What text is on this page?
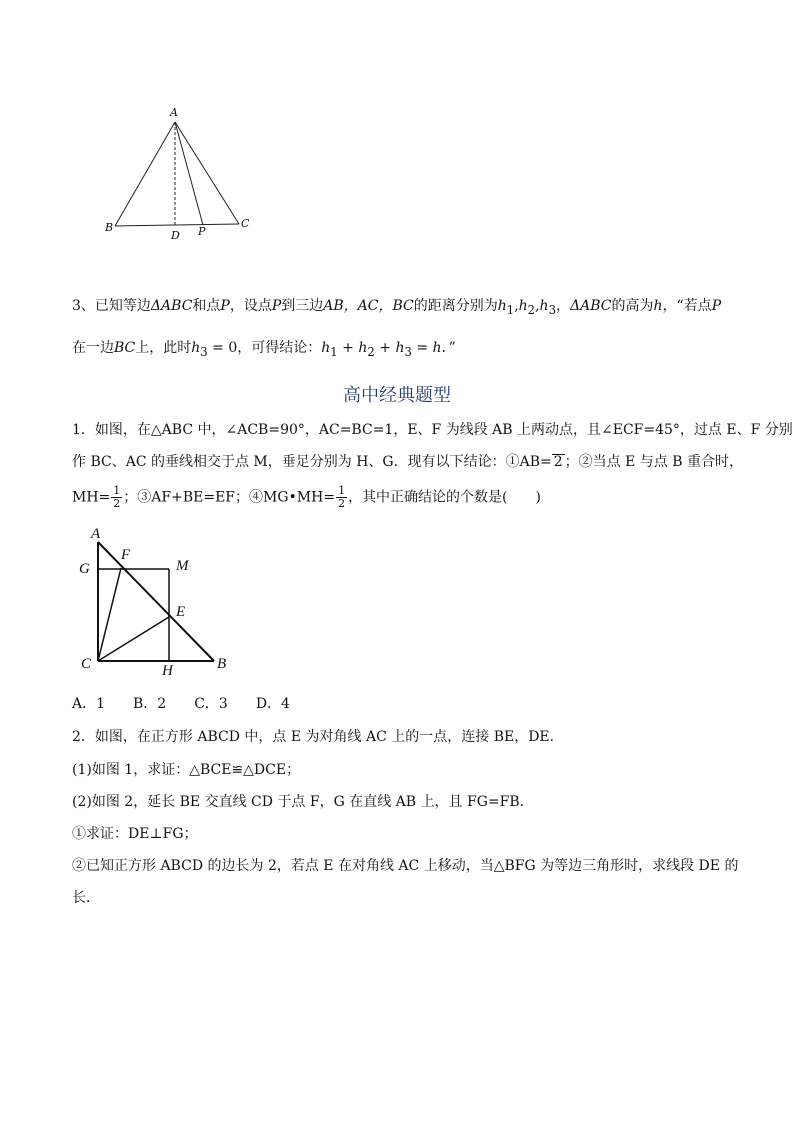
A
B	C
D P
3、已知等边ΔABC和点P，设点P到三边AB，AC，BC的距离分别为$h_1,h_2,h_3$，ΔABC的高为h，“若点P
在一边BC上，此时$h_3 = 0$，可得结论：$h_1 + h_2 + h_3 = h$．”
高中经典题型
1．如图，在△ABC 中，∠ACB=90°，AC=BC=1，E、F 为线段 AB 上两动点，且∠ECF=45°，过点 E、F 分别
作 BC、AC 的垂线相交于点 M，垂足分别为 H、G．现有以下结论：①AB= 2 ；②当点 E 与点 B 重合时，
$MH= \frac{1}{2}$ ；③AF+BE=EF；④MG•MH= $\frac{1}{2}$ ，其中正确结论的个数是(　　)
A
F
G	M
E
C	H	B
A．1　　B．2　　C．3　　D．4
2．如图，在正方形 ABCD 中，点 E 为对角线 AC 上的一点，连接 BE，DE．
(1)如图 1，求证：△BCE≌△DCE；
(2)如图 2，延长 BE 交直线 CD 于点 F，G 在直线 AB 上，且 FG=FB．
①求证：DE⊥FG；
②已知正方形 ABCD 的边长为 2，若点 E 在对角线 AC 上移动，当△BFG 为等边三角形时，求线段 DE 的
长．
